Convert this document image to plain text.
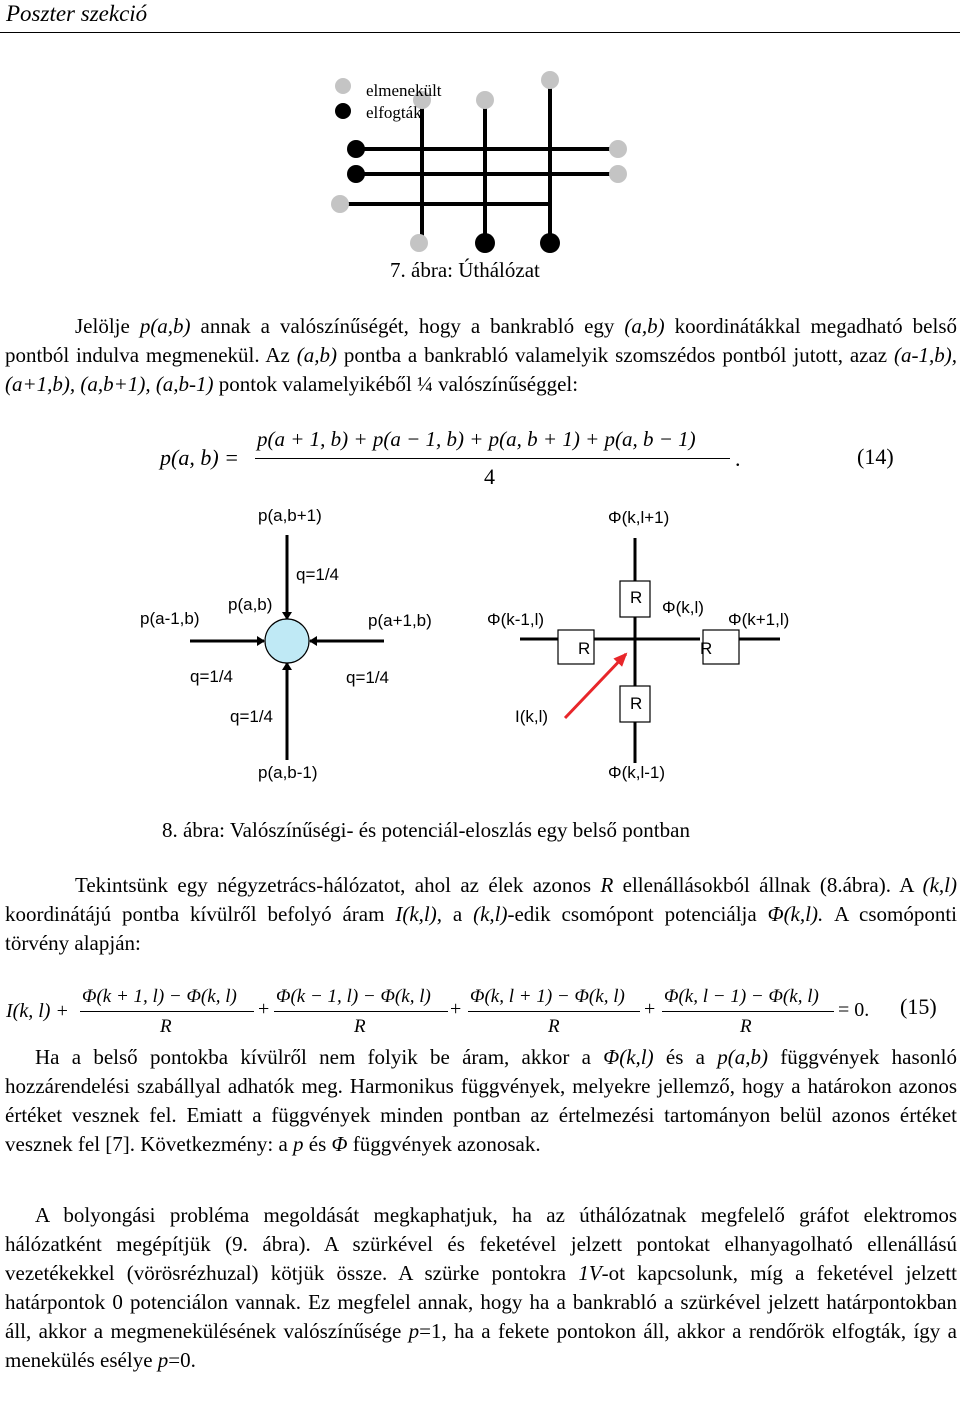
Poszter szekció
elmenekült
elfogták
7. ábra: Úthálózat

Jelölje p(a,b) annak a valószínűségét, hogy a bankrabló egy (a,b) koordinátákkal megadható belső pontból indulva megmenekül. Az (a,b) pontba a bankrabló valamelyik szomszédos pontból jutott, azaz (a-1,b), (a+1,b), (a,b+1), (a,b-1) pontok valamelyikéből ¼ valószínűséggel:

p(a, b) =
p(a + 1, b) + p(a − 1, b) + p(a, b + 1) + p(a, b − 1)
4
.	(14)
p(a,b+1)
q=1/4
p(a-1,b)
p(a,b)
p(a+1,b)
q=1/4	q=1/4
q=1/4
p(a,b-1)
Φ(k,l+1)
Φ(k-1,l)
Φ(k,l)
Φ(k+1,l)
R
R	R
R
I(k,l)
Φ(k,l-1)
8. ábra: Valószínűségi- és potenciál-eloszlás egy belső pontban

Tekintsünk egy négyzetrács-hálózatot, ahol az élek azonos R ellenállásokból állnak (8.ábra). A (k,l) koordinátájú pontba kívülről befolyó áram I(k,l), a (k,l)-edik csomópont potenciálja Φ(k,l). A csomóponti törvény alapján:

I(k, l) +
Φ(k + 1, l) − Φ(k, l)
R
+
Φ(k − 1, l) − Φ(k, l)
R
+
Φ(k, l + 1) − Φ(k, l)
R
+
Φ(k, l − 1) − Φ(k, l)
R
= 0. (15)

Ha a belső pontokba kívülről nem folyik be áram, akkor a Φ(k,l) és a p(a,b) függvények hasonló hozzárendelési szabállyal adhatók meg. Harmonikus függvények, melyekre jellemző, hogy a határokon azonos értéket vesznek fel. Emiatt a függvények minden pontban az értelmezési tartományon belül azonos értéket vesznek fel [7]. Következmény: a p és Φ függvények azonosak.

A bolyongási probléma megoldását megkaphatjuk, ha az úthálózatnak megfelelő gráfot elektromos hálózatként megépítjük (9. ábra). A szürkével és feketével jelzett pontokat elhanyagolható ellenállású vezetékekkel (vörösrézhuzal) kötjük össze. A szürke pontokra 1V-ot kapcsolunk, míg a feketével jelzett határpontok 0 potenciálon vannak. Ez megfelel annak, hogy ha a bankrabló a szürkével jelzett határpontokban áll, akkor a megmenekülésének valószínűsége p=1, ha a fekete pontokon áll, akkor a rendőrök elfogták, így a menekülés esélye p=0.
